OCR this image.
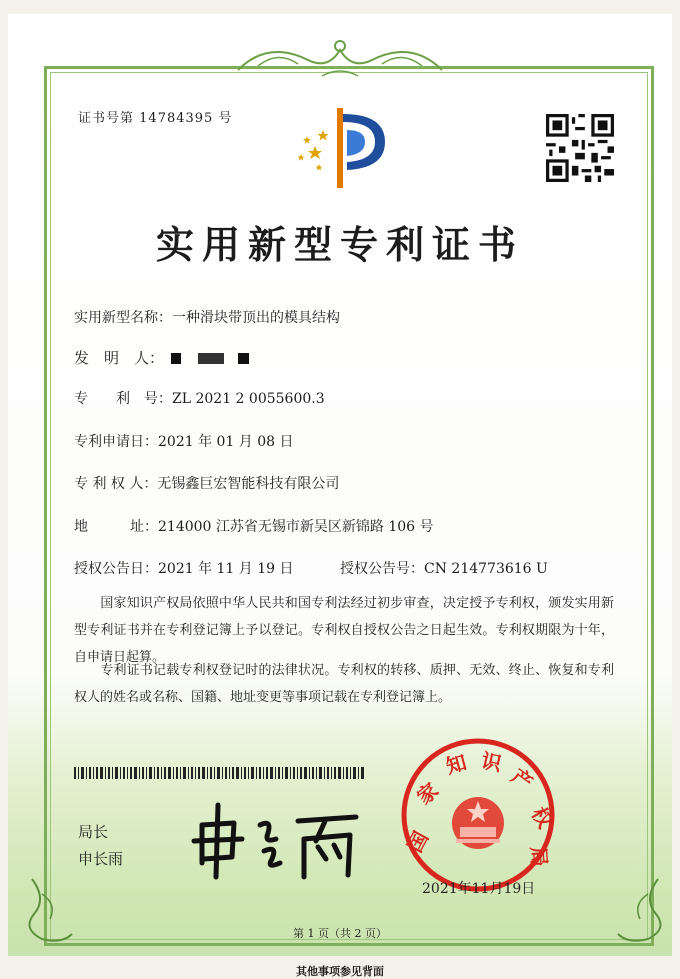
证书号第 14784395 号
实用新型专利证书
实用新型名称：一种滑块带顶出的模具结构
发　明　人：
专　　利　号：ZL 2021 2 0055600.3
专利申请日：2021 年 01 月 08 日
专 利 权 人：无锡鑫巨宏智能科技有限公司
地　　　址：214000 江苏省无锡市新吴区新锦路 106 号
授权公告日：2021 年 11 月 19 日	授权公告号：CN 214773616 U
　　国家知识产权局依照中华人民共和国专利法经过初步审查，决定授予专利权，颁发实用新型专利证书并在专利登记簿上予以登记。专利权自授权公告之日起生效。专利权期限为十年，自申请日起算。
　　专利证书记载专利权登记时的法律状况。专利权的转移、质押、无效、终止、恢复和专利权人的姓名或名称、国籍、地址变更等事项记载在专利登记簿上。
局长
申长雨
国
家
知 识
产
权
局
2021年11月19日
第 1 页（共 2 页）
其他事项参见背面
